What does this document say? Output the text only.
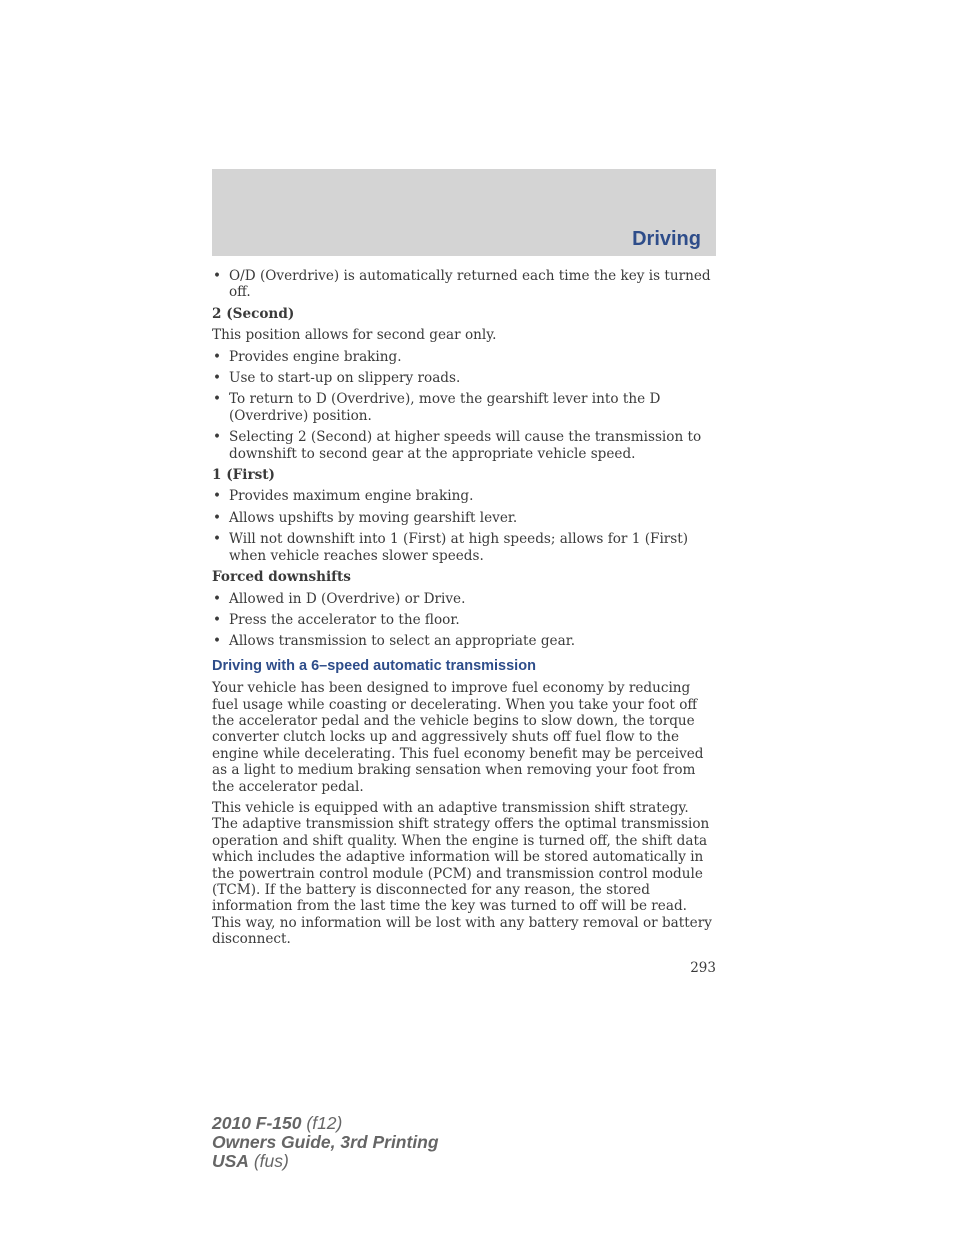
Driving
• O/D (Overdrive) is automatically returned each time the key is turned off.
2 (Second)
This position allows for second gear only.
• Provides engine braking.
• Use to start-up on slippery roads.
• To return to D (Overdrive), move the gearshift lever into the D (Overdrive) position.
• Selecting 2 (Second) at higher speeds will cause the transmission to downshift to second gear at the appropriate vehicle speed.
1 (First)
• Provides maximum engine braking.
• Allows upshifts by moving gearshift lever.
• Will not downshift into 1 (First) at high speeds; allows for 1 (First) when vehicle reaches slower speeds.
Forced downshifts
• Allowed in D (Overdrive) or Drive.
• Press the accelerator to the floor.
• Allows transmission to select an appropriate gear.
Driving with a 6–speed automatic transmission
Your vehicle has been designed to improve fuel economy by reducing fuel usage while coasting or decelerating. When you take your foot off the accelerator pedal and the vehicle begins to slow down, the torque converter clutch locks up and aggressively shuts off fuel flow to the engine while decelerating. This fuel economy benefit may be perceived as a light to medium braking sensation when removing your foot from the accelerator pedal.
This vehicle is equipped with an adaptive transmission shift strategy. The adaptive transmission shift strategy offers the optimal transmission operation and shift quality. When the engine is turned off, the shift data which includes the adaptive information will be stored automatically in the powertrain control module (PCM) and transmission control module (TCM). If the battery is disconnected for any reason, the stored information from the last time the key was turned to off will be read. This way, no information will be lost with any battery removal or battery disconnect.
293
2010 F-150 (f12)
Owners Guide, 3rd Printing
USA (fus)
